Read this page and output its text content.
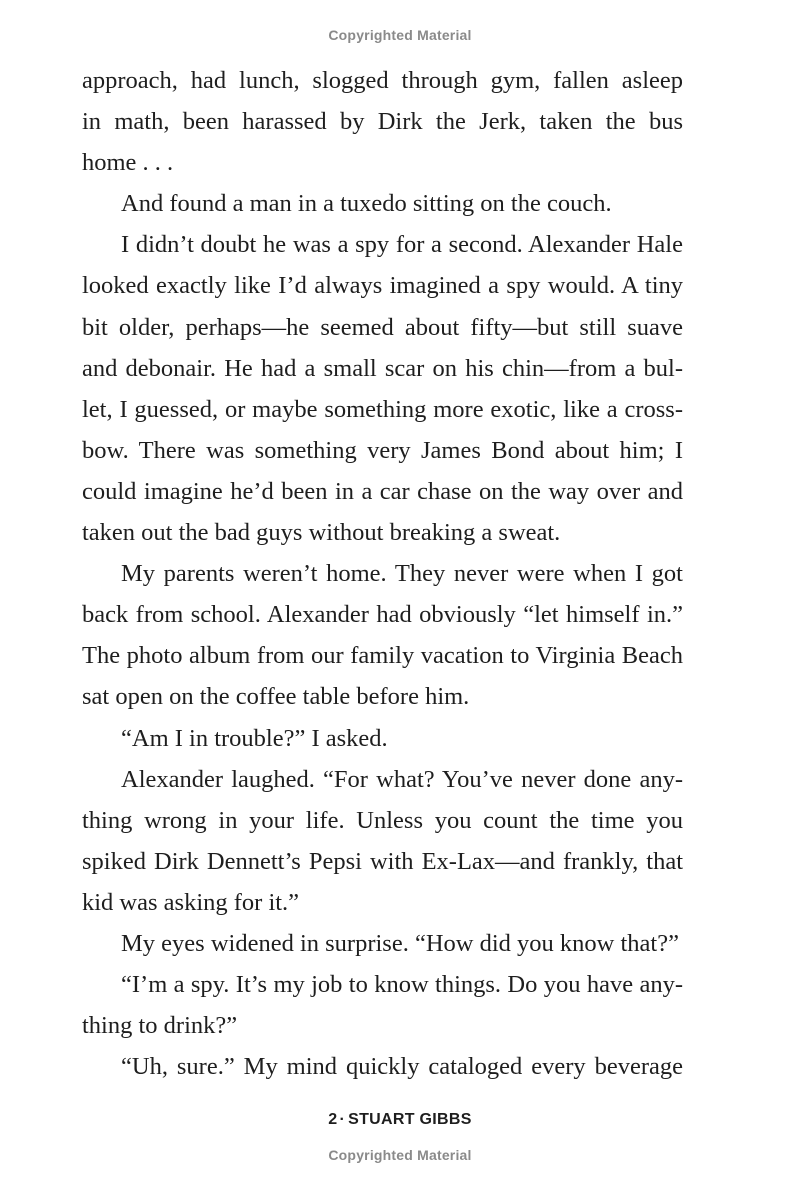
Copyrighted Material

approach, had lunch, slogged through gym, fallen asleep
in math, been harassed by Dirk the Jerk, taken the bus
home . . .

And found a man in a tuxedo sitting on the couch.

I didn’t doubt he was a spy for a second. Alexander Hale
looked exactly like I’d always imagined a spy would. A tiny
bit older, perhaps—he seemed about fifty—but still suave
and debonair. He had a small scar on his chin—from a bul-
let, I guessed, or maybe something more exotic, like a cross-
bow. There was something very James Bond about him; I
could imagine he’d been in a car chase on the way over and
taken out the bad guys without breaking a sweat.

My parents weren’t home. They never were when I got
back from school. Alexander had obviously “let himself in.”
The photo album from our family vacation to Virginia Beach
sat open on the coffee table before him.

“Am I in trouble?” I asked.

Alexander laughed. “For what? You’ve never done any-
thing wrong in your life. Unless you count the time you
spiked Dirk Dennett’s Pepsi with Ex-Lax—and frankly, that
kid was asking for it.”

My eyes widened in surprise. “How did you know that?”

“I’m a spy. It’s my job to know things. Do you have any-
thing to drink?”

“Uh, sure.” My mind quickly cataloged every beverage

2 · STUART GIBBS
Copyrighted Material
